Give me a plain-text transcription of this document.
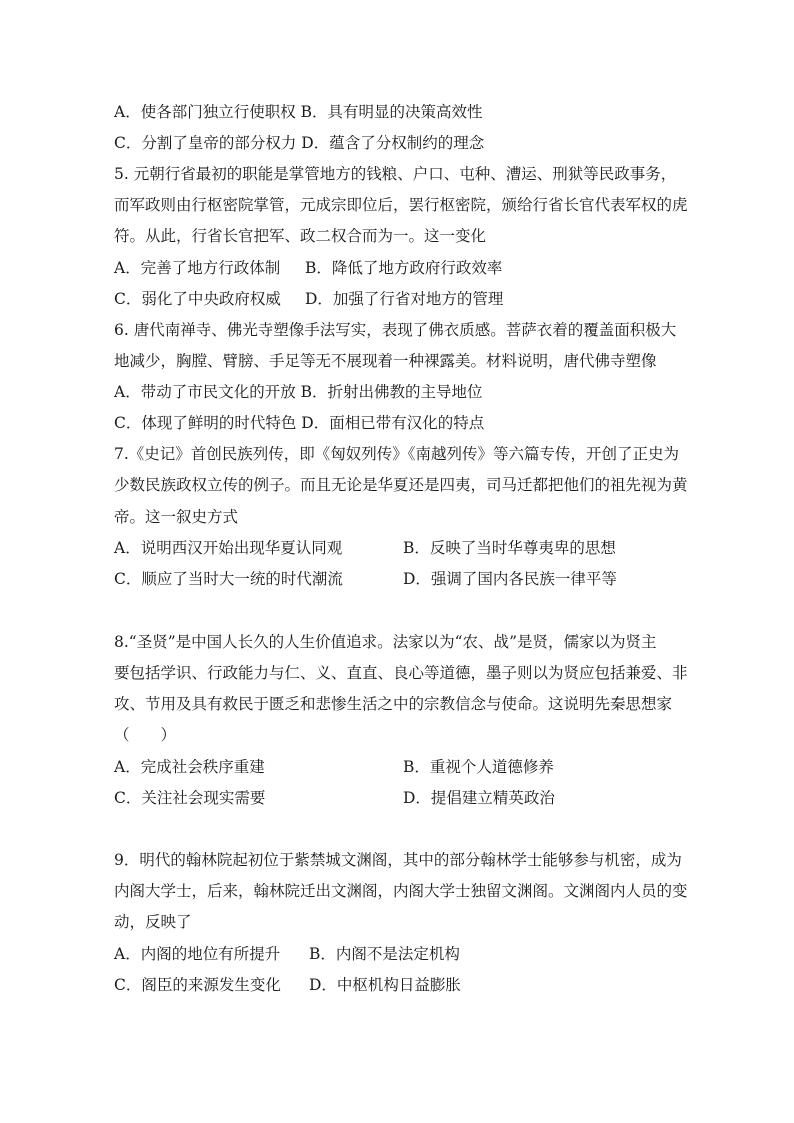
A．使各部门独立行使职权 B．具有明显的决策高效性
C．分割了皇帝的部分权力 D．蕴含了分权制约的理念
5. 元朝行省最初的职能是掌管地方的钱粮、户口、屯种、漕运、刑狱等民政事务，
而军政则由行枢密院掌管，元成宗即位后，罢行枢密院，颁给行省长官代表军权的虎
符。从此，行省长官把军、政二权合而为一。这一变化
A．完善了地方行政体制 B．降低了地方政府行政效率
C．弱化了中央政府权威 D．加强了行省对地方的管理
6. 唐代南禅寺、佛光寺塑像手法写实，表现了佛衣质感。菩萨衣着的覆盖面积极大
地减少，胸膛、臂膀、手足等无不展现着一种裸露美。材料说明，唐代佛寺塑像
A．带动了市民文化的开放 B．折射出佛教的主导地位
C．体现了鲜明的时代特色 D．面相已带有汉化的特点
7.《史记》首创民族列传，即《匈奴列传》《南越列传》等六篇专传，开创了正史为
少数民族政权立传的例子。而且无论是华夏还是四夷，司马迁都把他们的祖先视为黄
帝。这一叙史方式
A．说明西汉开始出现华夏认同观	B．反映了当时华尊夷卑的思想
C．顺应了当时大一统的时代潮流	D．强调了国内各民族一律平等
8.“圣贤”是中国人长久的人生价值追求。法家以为“农、战”是贤，儒家以为贤主
要包括学识、行政能力与仁、义、直直、良心等道德，墨子则以为贤应包括兼爱、非
攻、节用及具有救民于匮乏和悲惨生活之中的宗教信念与使命。这说明先秦思想家
（　　）
A．完成社会秩序重建	B．重视个人道德修养
C．关注社会现实需要	D．提倡建立精英政治
9．明代的翰林院起初位于紫禁城文渊阁，其中的部分翰林学士能够参与机密，成为
内阁大学士，后来，翰林院迁出文渊阁，内阁大学士独留文渊阁。文渊阁内人员的变
动，反映了
A．内阁的地位有所提升 B．内阁不是法定机构
C．阁臣的来源发生变化 D．中枢机构日益膨胀
